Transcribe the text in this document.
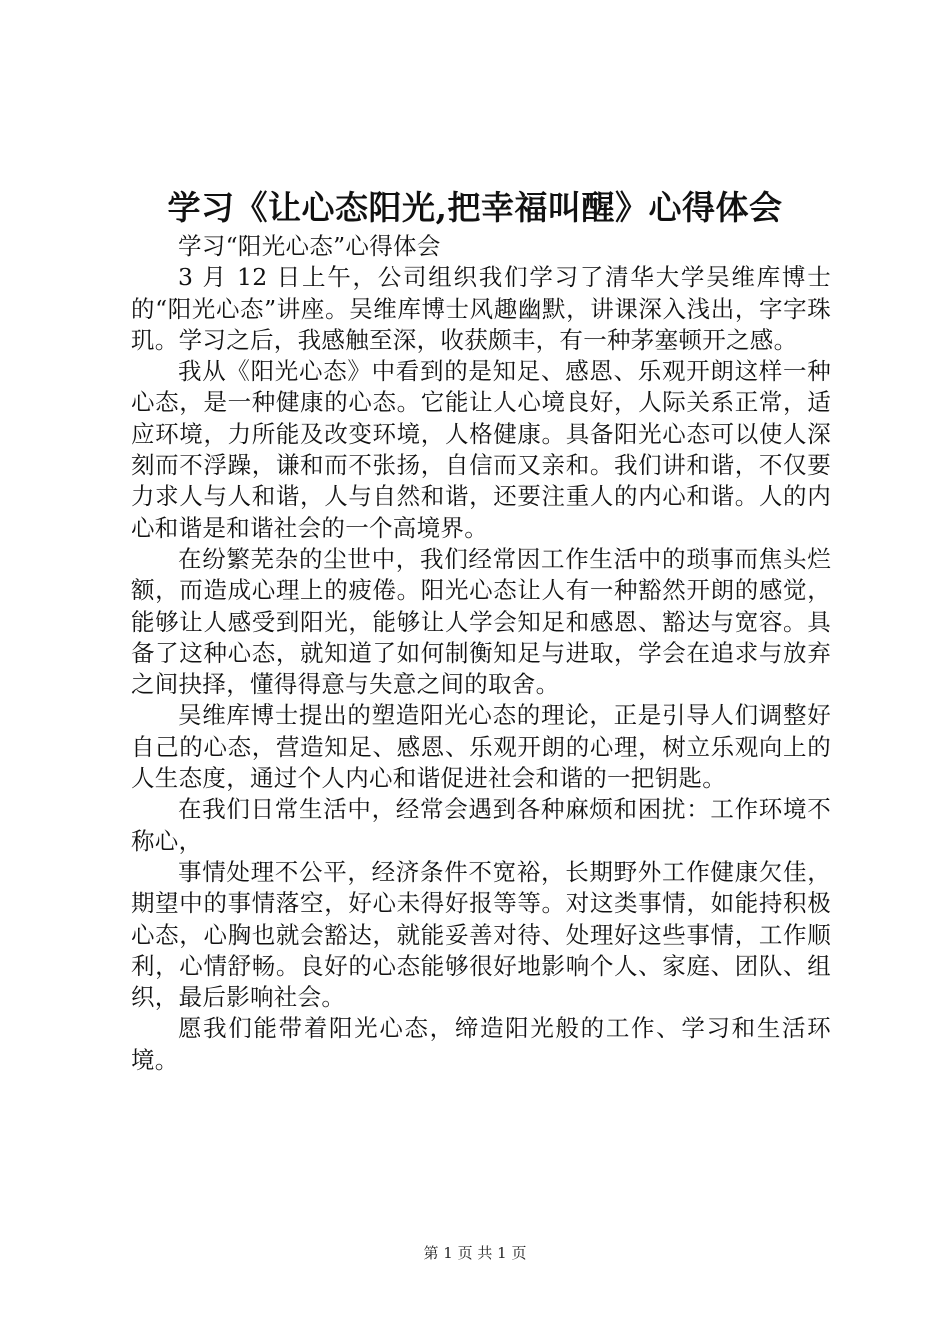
学习《让心态阳光,把幸福叫醒》心得体会

学习“阳光心态”心得体会

3 月 12 日上午，公司组织我们学习了清华大学吴维库博士的“阳光心态”讲座。吴维库博士风趣幽默，讲课深入浅出，字字珠玑。学习之后，我感触至深，收获颇丰，有一种茅塞顿开之感。

我从《阳光心态》中看到的是知足、感恩、乐观开朗这样一种心态，是一种健康的心态。它能让人心境良好，人际关系正常，适应环境，力所能及改变环境，人格健康。具备阳光心态可以使人深刻而不浮躁，谦和而不张扬，自信而又亲和。我们讲和谐，不仅要力求人与人和谐，人与自然和谐，还要注重人的内心和谐。人的内心和谐是和谐社会的一个高境界。

在纷繁芜杂的尘世中，我们经常因工作生活中的琐事而焦头烂额，而造成心理上的疲倦。阳光心态让人有一种豁然开朗的感觉，能够让人感受到阳光，能够让人学会知足和感恩、豁达与宽容。具备了这种心态，就知道了如何制衡知足与进取，学会在追求与放弃之间抉择，懂得得意与失意之间的取舍。

吴维库博士提出的塑造阳光心态的理论，正是引导人们调整好自己的心态，营造知足、感恩、乐观开朗的心理，树立乐观向上的人生态度，通过个人内心和谐促进社会和谐的一把钥匙。

在我们日常生活中，经常会遇到各种麻烦和困扰：工作环境不称心，

事情处理不公平，经济条件不宽裕，长期野外工作健康欠佳，期望中的事情落空，好心未得好报等等。对这类事情，如能持积极心态，心胸也就会豁达，就能妥善对待、处理好这些事情，工作顺利，心情舒畅。良好的心态能够很好地影响个人、家庭、团队、组织，最后影响社会。

愿我们能带着阳光心态，缔造阳光般的工作、学习和生活环境。

第 1 页 共 1 页
